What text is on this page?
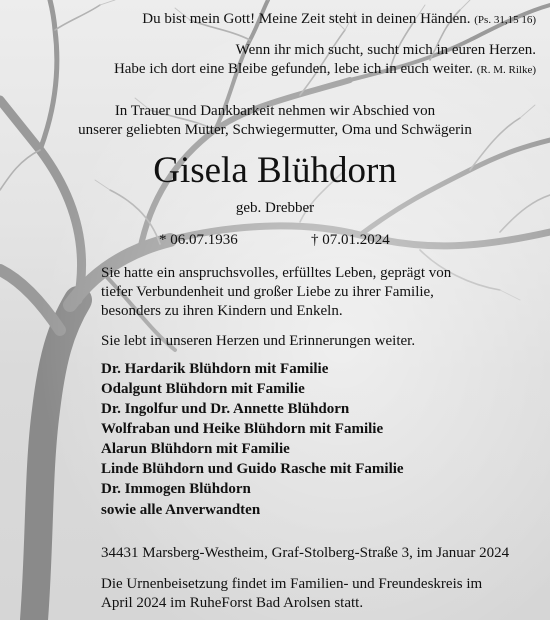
Du bist mein Gott! Meine Zeit steht in deinen Händen. (Ps. 31,15 16)
Wenn ihr mich sucht, sucht mich in euren Herzen.
Habe ich dort eine Bleibe gefunden, lebe ich in euch weiter. (R. M. Rilke)
In Trauer und Dankbarkeit nehmen wir Abschied von
unserer geliebten Mutter, Schwiegermutter, Oma und Schwägerin
Gisela Blühdorn
geb. Drebber
* 06.07.1936	† 07.01.2024
Sie hatte ein anspruchsvolles, erfülltes Leben, geprägt von
tiefer Verbundenheit und großer Liebe zu ihrer Familie,
besonders zu ihren Kindern und Enkeln.
Sie lebt in unseren Herzen und Erinnerungen weiter.
Dr. Hardarik Blühdorn mit Familie
Odalgunt Blühdorn mit Familie
Dr. Ingolfur und Dr. Annette Blühdorn
Wolfraban und Heike Blühdorn mit Familie
Alarun Blühdorn mit Familie
Linde Blühdorn und Guido Rasche mit Familie
Dr. Immogen Blühdorn
sowie alle Anverwandten
34431 Marsberg-Westheim, Graf-Stolberg-Straße 3, im Januar 2024
Die Urnenbeisetzung findet im Familien- und Freundeskreis im
April 2024 im RuheForst Bad Arolsen statt.
